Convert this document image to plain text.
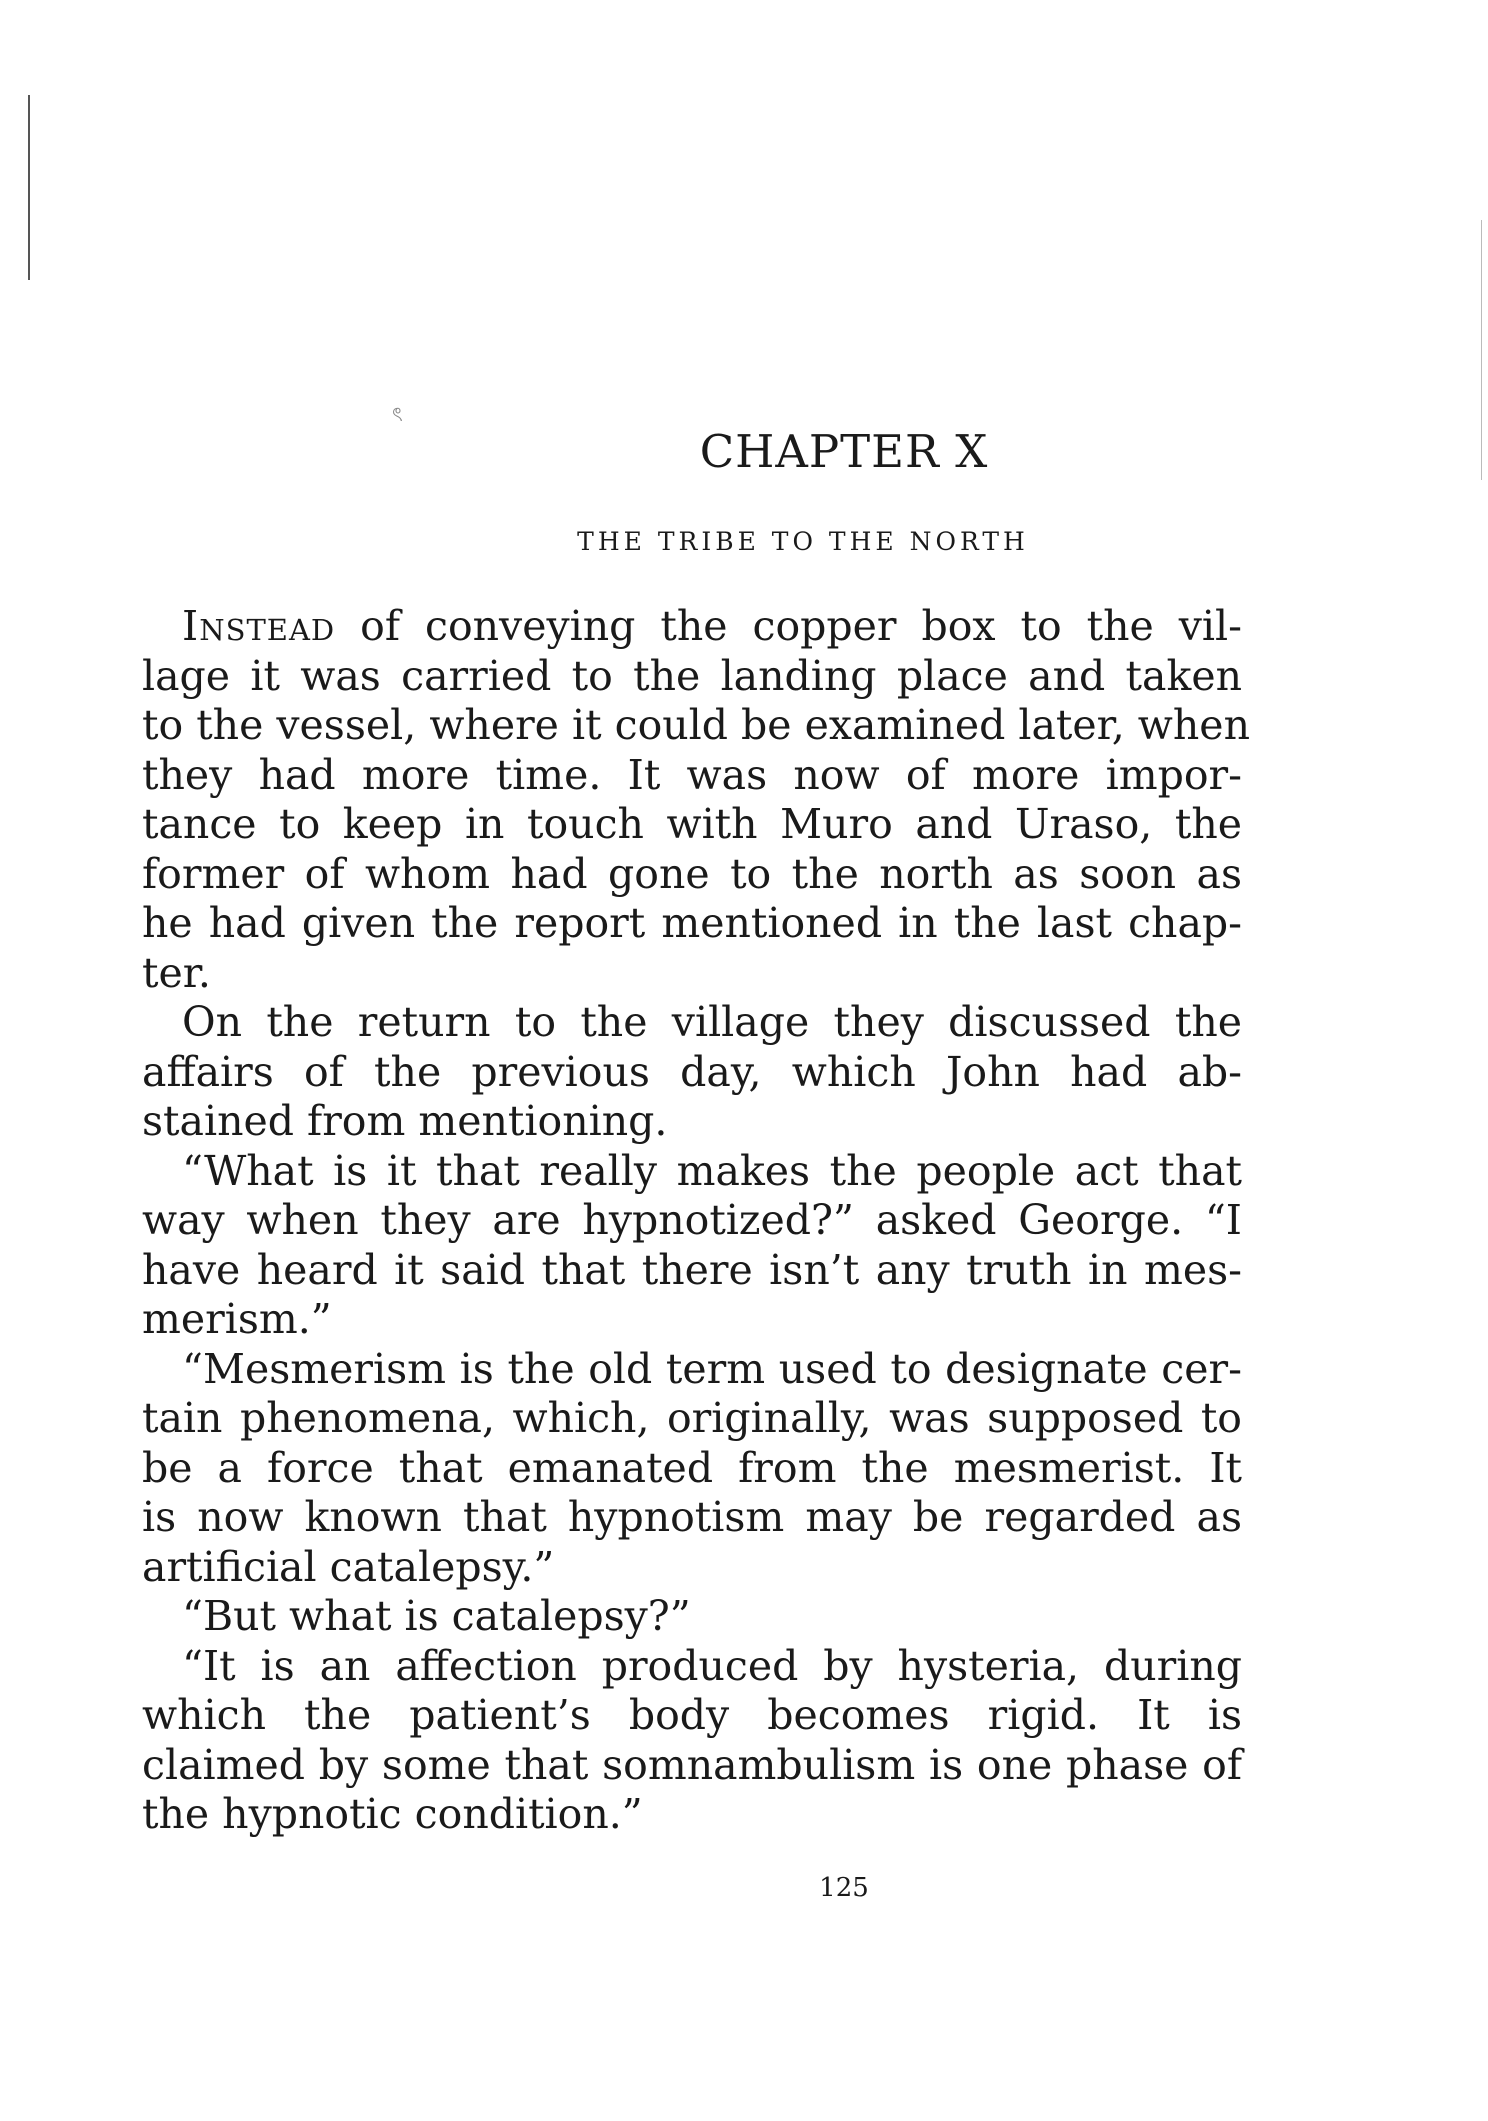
ৎ
CHAPTER X
THE TRIBE TO THE NORTH
Instead of conveying the copper box to the vil-
lage it was carried to the landing place and taken
to the vessel, where it could be examined later, when
they had more time. It was now of more impor-
tance to keep in touch with Muro and Uraso, the
former of whom had gone to the north as soon as
he had given the report mentioned in the last chap-
ter.
On the return to the village they discussed the
affairs of the previous day, which John had ab-
stained from mentioning.
“What is it that really makes the people act that
way when they are hypnotized?” asked George. “I
have heard it said that there isn’t any truth in mes-
merism.”
“Mesmerism is the old term used to designate cer-
tain phenomena, which, originally, was supposed to
be a force that emanated from the mesmerist. It
is now known that hypnotism may be regarded as
artificial catalepsy.”
“But what is catalepsy?”
“It is an affection produced by hysteria, during
which the patient’s body becomes rigid. It is
claimed by some that somnambulism is one phase of
the hypnotic condition.”
125
